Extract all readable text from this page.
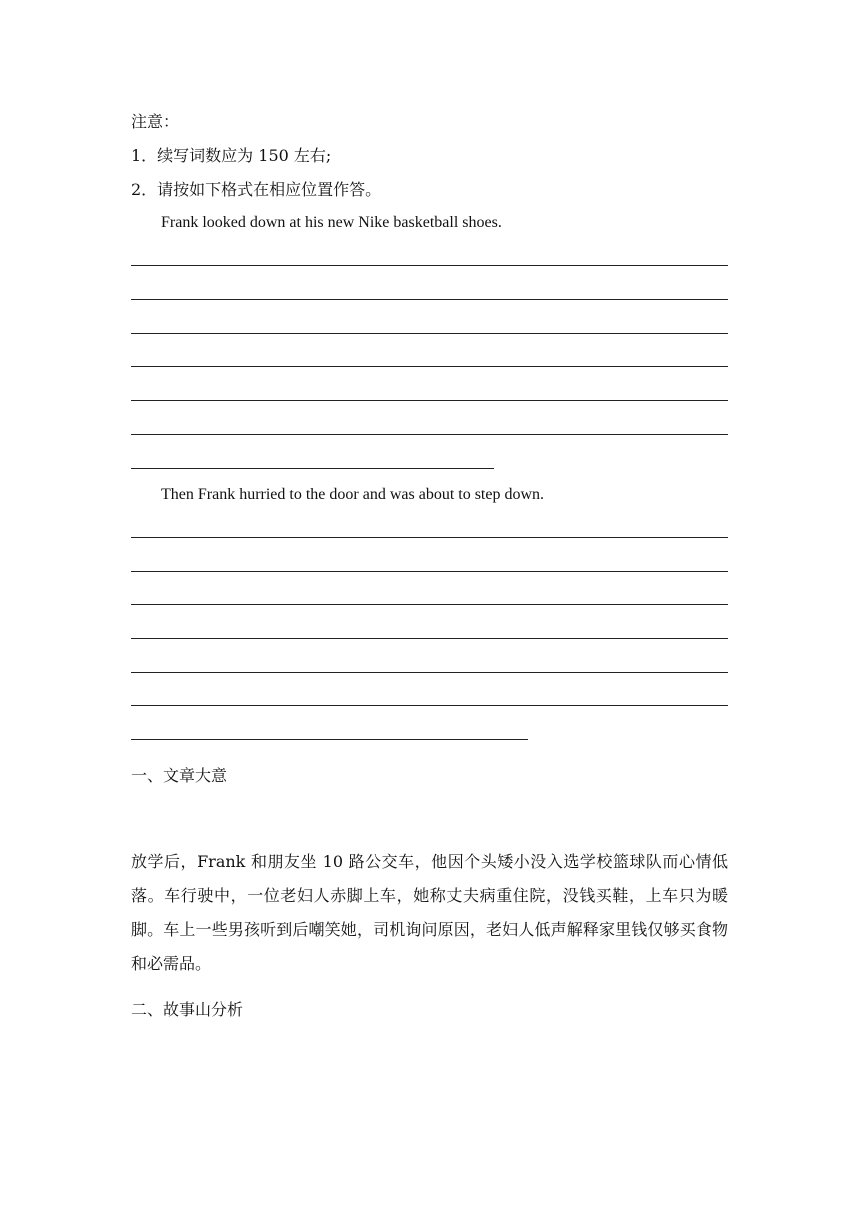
注意：
1．续写词数应为 150 左右;
2．请按如下格式在相应位置作答。
Frank looked down at his new Nike basketball shoes.
Then Frank hurried to the door and was about to step down.
一、文章大意
放学后，Frank 和朋友坐 10 路公交车，他因个头矮小没入选学校篮球队而心情低落。车行驶中，一位老妇人赤脚上车，她称丈夫病重住院，没钱买鞋，上车只为暖脚。车上一些男孩听到后嘲笑她，司机询问原因，老妇人低声解释家里钱仅够买食物和必需品。
二、故事山分析
